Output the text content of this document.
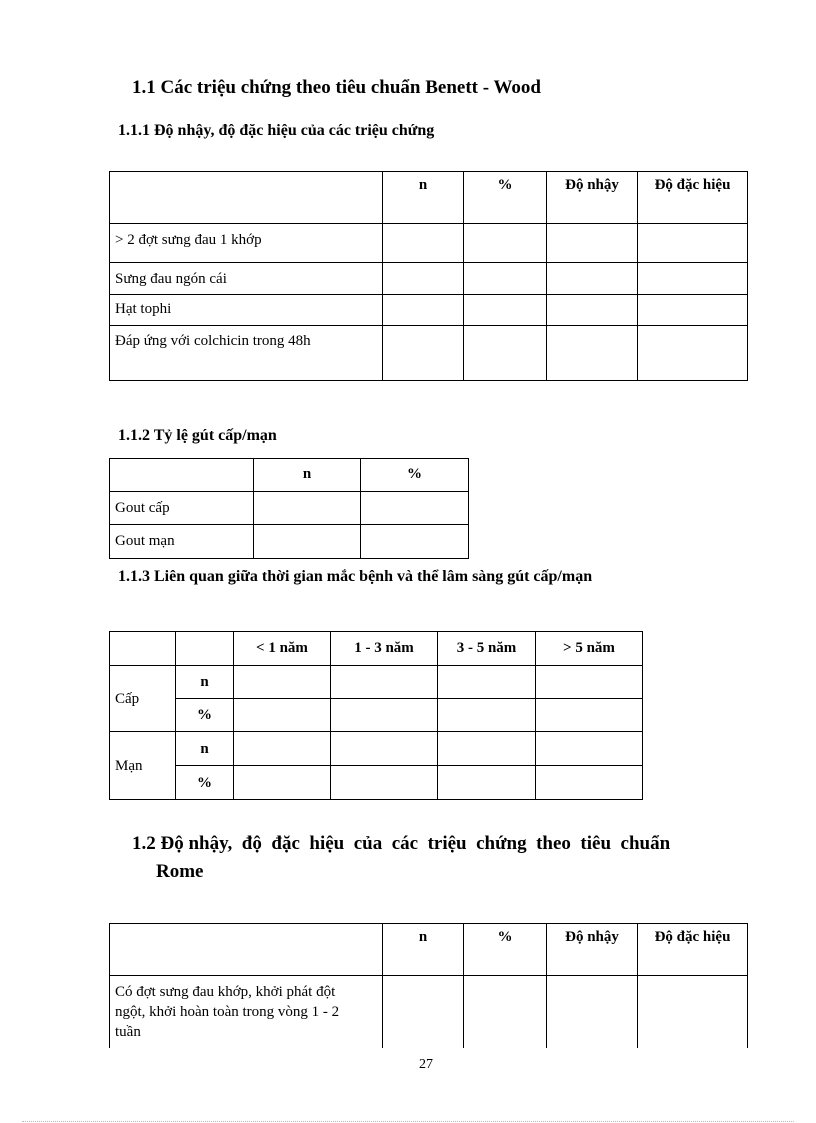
1.1 Các triệu chứng theo tiêu chuẩn Benett - Wood
1.1.1 Độ nhậy, độ đặc hiệu của các triệu chứng
	n	%	Độ nhậy	Độ đặc hiệu
> 2 đợt sưng đau 1 khớp				
Sưng đau ngón cái				
Hạt tophi				
Đáp ứng với colchicin trong 48h				
1.1.2 Tỷ lệ gút cấp/mạn
	n	%
Gout cấp		
Gout mạn		
1.1.3 Liên quan giữa thời gian mắc bệnh và thể lâm sàng gút cấp/mạn
		< 1 năm	1 - 3 năm	3 - 5 năm	> 5 năm
Cấp	n				
	%				
Mạn	n				
	%				
1.2 Độ nhậy,  độ  đặc  hiệu  của  các  triệu  chứng  theo  tiêu  chuẩn
Rome
	n	%	Độ nhậy	Độ đặc hiệu
Có đợt sưng đau khớp, khởi phát đột ngột, khởi hoàn toàn trong vòng 1 - 2 tuần				
27
